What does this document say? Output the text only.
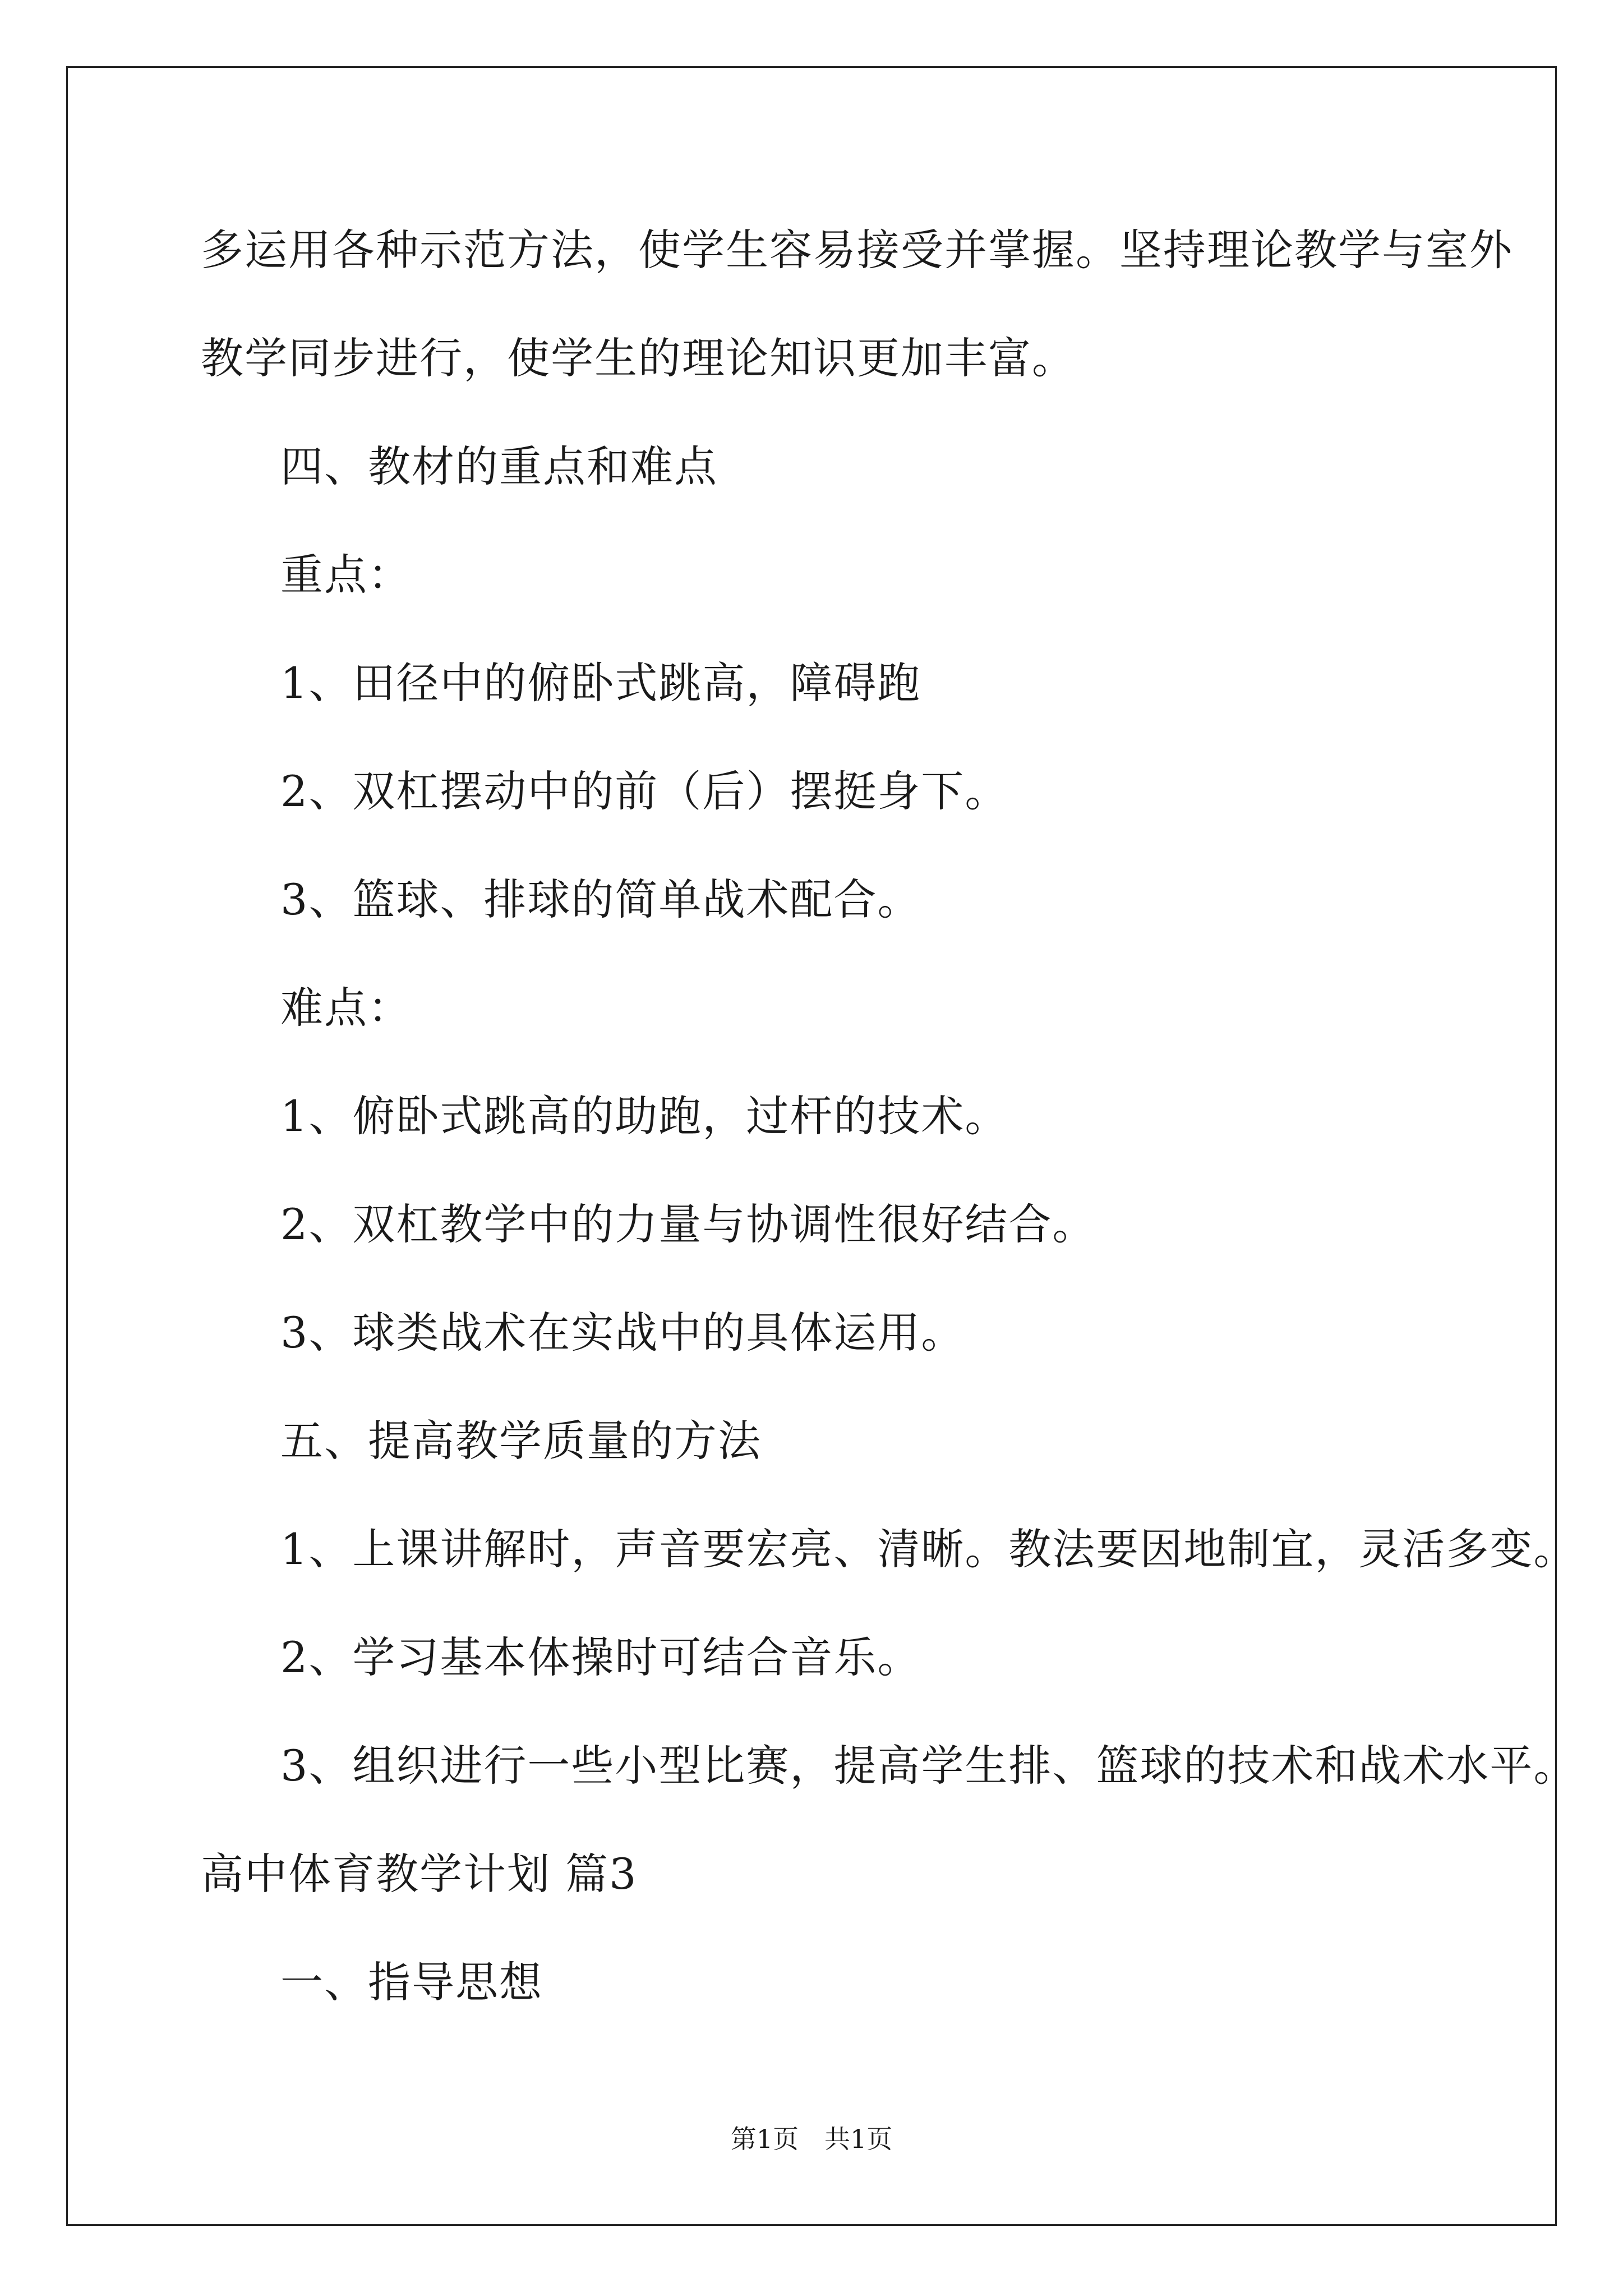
多运用各种示范方法，使学生容易接受并掌握。坚持理论教学与室外
教学同步进行，使学生的理论知识更加丰富。
四、教材的重点和难点
重点：
1、田径中的俯卧式跳高，障碍跑
2、双杠摆动中的前（后）摆挺身下。
3、篮球、排球的简单战术配合。
难点：
1、俯卧式跳高的助跑，过杆的技术。
2、双杠教学中的力量与协调性很好结合。
3、球类战术在实战中的具体运用。
五、提高教学质量的方法
1、上课讲解时，声音要宏亮、清晰。教法要因地制宜，灵活多变。
2、学习基本体操时可结合音乐。
3、组织进行一些小型比赛，提高学生排、篮球的技术和战术水平。
高中体育教学计划 篇3
一、指导思想
第1页 共1页
